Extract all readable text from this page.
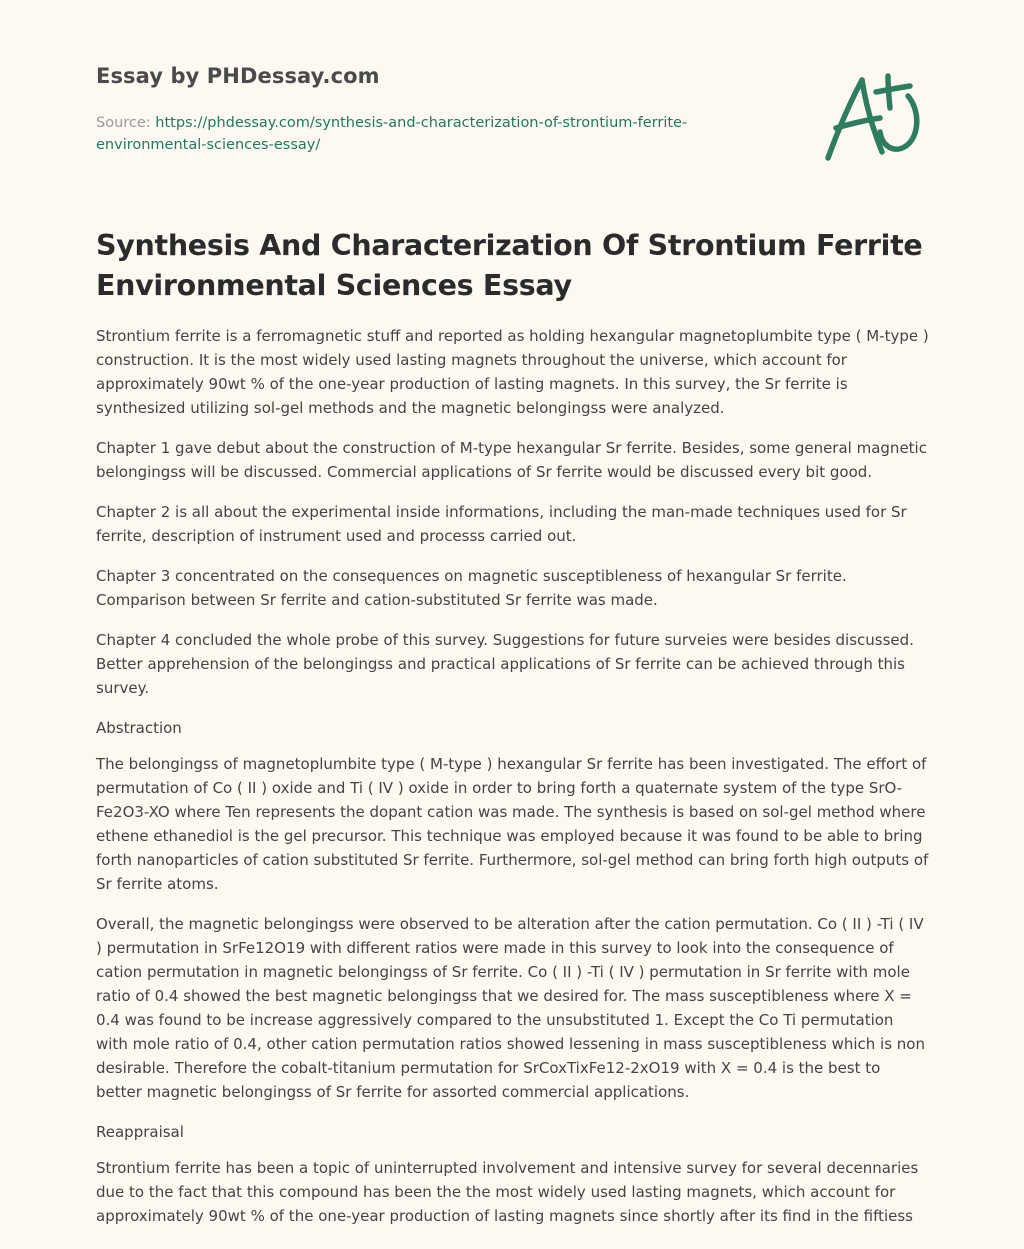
Essay by PHDessay.com
Source: https://phdessay.com/synthesis-and-characterization-of-strontium-ferrite-environmental-sciences-essay/
Synthesis And Characterization Of Strontium Ferrite Environmental Sciences Essay

Strontium ferrite is a ferromagnetic stuff and reported as holding hexangular magnetoplumbite type ( M-type ) construction. It is the most widely used lasting magnets throughout the universe, which account for approximately 90wt % of the one-year production of lasting magnets. In this survey, the Sr ferrite is synthesized utilizing sol-gel methods and the magnetic belongingss were analyzed.

Chapter 1 gave debut about the construction of M-type hexangular Sr ferrite. Besides, some general magnetic belongingss will be discussed. Commercial applications of Sr ferrite would be discussed every bit good.

Chapter 2 is all about the experimental inside informations, including the man-made techniques used for Sr ferrite, description of instrument used and processs carried out.

Chapter 3 concentrated on the consequences on magnetic susceptibleness of hexangular Sr ferrite. Comparison between Sr ferrite and cation-substituted Sr ferrite was made.

Chapter 4 concluded the whole probe of this survey. Suggestions for future surveies were besides discussed. Better apprehension of the belongingss and practical applications of Sr ferrite can be achieved through this survey.

Abstraction

The belongingss of magnetoplumbite type ( M-type ) hexangular Sr ferrite has been investigated. The effort of permutation of Co ( II ) oxide and Ti ( IV ) oxide in order to bring forth a quaternate system of the type SrO-Fe2O3-XO where Ten represents the dopant cation was made. The synthesis is based on sol-gel method where ethene ethanediol is the gel precursor. This technique was employed because it was found to be able to bring forth nanoparticles of cation substituted Sr ferrite. Furthermore, sol-gel method can bring forth high outputs of Sr ferrite atoms.

Overall, the magnetic belongingss were observed to be alteration after the cation permutation. Co ( II ) -Ti ( IV ) permutation in SrFe12O19 with different ratios were made in this survey to look into the consequence of cation permutation in magnetic belongingss of Sr ferrite. Co ( II ) -Ti ( IV ) permutation in Sr ferrite with mole ratio of 0.4 showed the best magnetic belongingss that we desired for. The mass susceptibleness where X = 0.4 was found to be increase aggressively compared to the unsubstituted 1. Except the Co Ti permutation with mole ratio of 0.4, other cation permutation ratios showed lessening in mass susceptibleness which is non desirable. Therefore the cobalt-titanium permutation for SrCoxTixFe12-2xO19 with X = 0.4 is the best to better magnetic belongingss of Sr ferrite for assorted commercial applications.

Reappraisal

Strontium ferrite has been a topic of uninterrupted involvement and intensive survey for several decennaries due to the fact that this compound has been the the most widely used lasting magnets, which account for approximately 90wt % of the one-year production of lasting magnets since shortly after its find in the fiftiess
